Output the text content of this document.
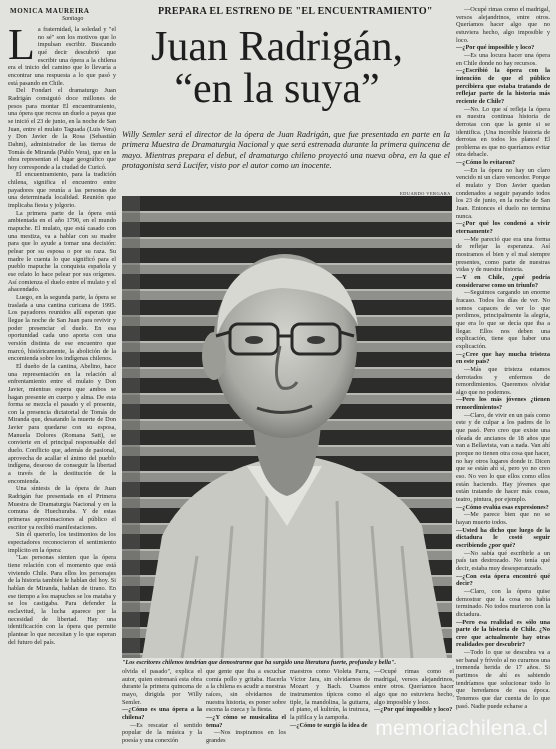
MONICA MAUREIRA
Santiago
PREPARA EL ESTRENO DE "EL ENCUENTRAMIENTO"
Juan Radrigán,
“en la suya”
Willy Semler será el director de la ópera de Juan Radrigán, que fue presentada en parte en la primera Muestra de Dramaturgia Nacional y que será estrenada durante la primera quincena de mayo. Mientras prepara el debut, el dramaturgo chileno proyectó una nueva obra, en la que el protagonista será Lucifer, visto por el autor como un inocente.
L a fraternidad, la soledad y "el no sé" son los motivos que lo impulsan escribir. Buscando qué decir descubrió que escribir una ópera a la chilena era el inicio del camino que lo llevaría a encontrar una respuesta a lo que pasó y está pasando en Chile.

Del Fondart el dramaturgo Juan Radrigán consiguió doce millones de pesos para montar El encuentramiento, una ópera que recrea un duelo a payas que se inició el 23 de junio, en la noche de San Juan, entre el mulato Taguada (Luis Vera) y Don Javier de la Rosa (Sebastián Dahm), administrador de las tierras de Tomás de Miranda (Pablo Vera), que en la obra representan el lugar geográfico que hoy corresponde a la ciudad de Curicó.

El encuentramiento, para la tradición chilena, significa el encuentro entre payadores que reunía a las personas de una determinada localidad. Reunión que implicaba fiesta y jolgorio.

La primera parte de la ópera está ambientada en el año 1790, en el mundo mapuche. El mulato, que está casado con una mestiza, va a hablar con su madre para que lo ayude a tomar una decisión: pelear por su esposa o por su raza. Su madre le cuenta lo que significó para el pueblo mapuche la conquista española y ese relato lo hace pelear por sus orígenes. Así comienza el duelo entre el mulato y el ahacendado.

Luego, en la segunda parte, la ópera se traslada a una cantina curicana de 1995. Los payadores reunidos allí esperan que llegue la noche de San Juan para revivir y poder presenciar el duelo. En esa oportunidad cada uno aporta con una versión distinta de ese encuentro que marcó, históricamente, la abolición de la encomienda sobre los indígenas chilenos.

El dueño de la cantina, Abelino, hace una representación en la relación al enfrentamiento entre el mulato y Don Javier, mientras espera que ambos se hagan presente en cuerpo y alma. De esta forma se mezcla el pasado y el presente, con la presencia dictatorial de Tomás de Miranda que, desatando la muerte de Don Javier para quedarse con su esposa, Manuela Dolores (Romana Satt), se convierte en el principal responsable del duelo. Conflicto que, además de pasional, aprovecha de acallar el ánimo del pueblo indígena, deseoso de conseguir la libertad a través de la destitución de la encomienda.

Una síntesis de la ópera de Juan Radrigán fue presentada en el Primera Muestra de Dramaturgia Nacional y en la comuna de Huechuraba. Y de estas primeras aproximaciones al público el escritor ya recibió manifestaciones.

Sin él quererlo, los testimonios de los espectadores reconocieron el sentimiento implícito en la ópera:

"Las personas sienten que la ópera tiene relación con el momento que está viviendo Chile. Para ellos los personajes de la historia también le hablan del hoy. Si hablan de Miranda, hablan de tirano. En ese tiempo a los mapuches se los mataba y se los castigaba. Para defender la esclavitud, la lucha aparece por la necesidad de libertad. Hay una identificación con la ópera que permite plantear lo que necesitan y lo que esperan del futuro del país.

EDUARDO VERGARA
"Los escritores chilenos tendrían que demostrarme que ha surgido una literatura fuerte, profunda y bella".

olvida el pasado", explica el autor, quien estrenará esta obra durante la primera quincena de mayo, dirigida por Willy Semler.

—¿Cómo es una ópera a la chilena?

—Es rescatar el sentido popular de la música y la poesía y una conexión

que gente que iba a escuchar comía pollo y gritaba. Hacerla a la chilena es acudir a nuestras raíces, sin olvidarnos de nuestra historia, es poner sobre escena la cueca y la fiesta.

—¿Y cómo se musicaliza el tema?

—Nos inspiramos en los grandes

maestros como Violeta Parra, Víctor Jara, sin olvidarnos de Mozart y Bach. Usamos instrumentos típicos como el tiple, la mandolina, la guitarra, el piano, el kultrún, la trutruca, la pifilca y la zampoña.

—¿Cómo te surgió la idea de

—Ocupé rimas como el madrigal, versos alejandrinos, entre otros. Queríamos hacer algo que no estuviera hecho, algo imposible y loco.

—¿Por qué imposible y loco?

—Ocupé rimas como el madrigal, versos alejandrinos, entre otros. Queríamos hacer algo que no estuviera hecho, algo imposible y loco.

—¿Por qué imposible y loco?

—Es una locura hacer una ópera en Chile donde no hay recursos.

—¿Escribió la ópera con la intención de que el público percibiera que estaba tratando de reflejar parte de la historia más reciente de Chile?

—No. Lo que sí refleja la ópera es nuestra continua historia de derrotas con que la gente si se identifica. ¡Una increíble historia de derrotas en todos los planos! El problema es que no queríamos evitar otra debacle.

—¿Cómo lo evitaron?

—En la ópera no hay un claro vencido ni un claro vencedor. Porque el mulato y Don Javier quedan condenados a seguir payando todos los 23 de junio, en la noche de San Juan. Entonces el duelo no termina nunca.

—¿Por qué los condenó a vivir eternamente?

—Me pareció que era una forma de reflejar la esperanza. Así mostramos el bien y el mal siempre presentes, como parte de nuestras vidas y de nuestra historia.

—Y en Chile, ¿qué podría considerarse como un triunfo?

—Seguimos cargando un enorme fracaso. Todos los días de ver. No somos capaces de ver lo que perdimos, principalmente la alegría, que era lo que se decía que iba a llegar. Ellos nos deben una explicación, tiene que haber una explicación.

—¿Cree que hay mucha tristeza en este país?

—Más que tristeza estamos derrotados y enfermos de remordimientos. Queremos olvidar algo que no podemos.

—Pero los más jóvenes ¿tienen remordimientos?

—Claro, de vivir en un país como este y de culpar a los padres de lo que pasó. Pero creo que existe una oleada de ancianos de 18 años que van a Bellavista, van a nada. Van ahí porque no tienen otra cosa que hacer, no hay otros lugares donde ir. Dicen que se están ahí sí, pero yo no creo eso. No veo lo que ellos como ellos están haciendo. Hay jóvenes que están tratando de hacer más cosas, teatro, pintura, por ejemplo.

—¿Cómo evalúa esas expresiones?

—Me parece bien que no se hayan muerto todos.

—Usted ha dicho que luego de la dictadura le costó seguir escribiendo ¿por qué?

—No sabía qué escribirle a un país tan destrozado. No tenía qué decir, estaba muy desesperanzado.

—¿Con esta ópera encontró qué decir?

—Claro, con la ópera quise demostrar que la cosa no había terminado. No todos murieron con la dictadura.

—Pero esa realidad es sólo una parte de la historia de Chile. ¿No cree que actualmente hay otras realidades por descubrir?

—Todo lo que se descubra va a ser banal y frívolo al no curarnos una tremenda herida de 17 años. Si partimos de ahí es sabiendo tendríamos que solucionar todo lo que heredamos de esa época. Tenemos que dar cuenta de lo que pasó. Nadie puede echarse a

memoriachilena.cl
